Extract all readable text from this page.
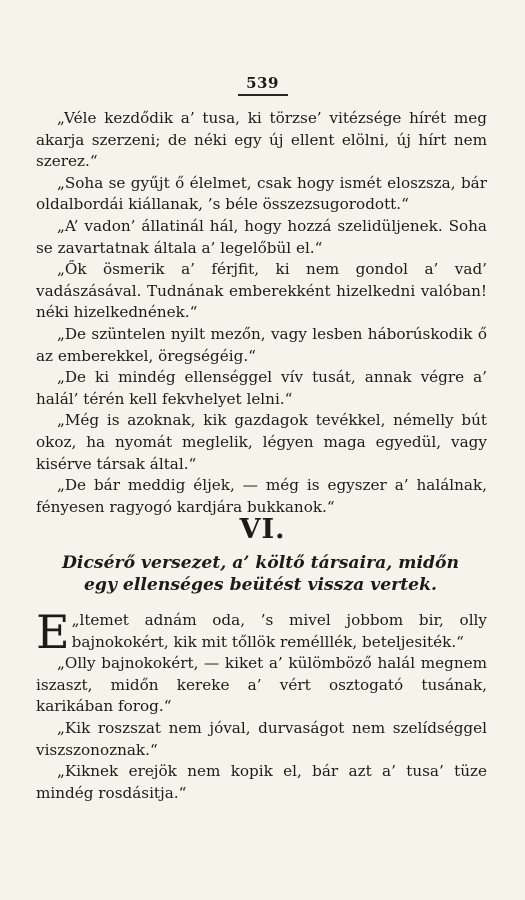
539

„Véle kezdődik a’ tusa, ki törzse’ vitézsége hírét meg akarja szerzeni; de néki egy új ellent elölni, új hírt nem szerez.“

„Soha se gyűjt ő élelmet, csak hogy ismét eloszsza, bár oldalbordái kiállanak, ’s béle összezsugorodott.“

„A’ vadon’ állatinál hál, hogy hozzá szelidüljenek. Soha se zavartatnak általa a’ legelőbül el.“

„Ők ösmerik a’ férjfit, ki nem gondol a’ vad’ vadászásával. Tudnának emberekként hizelkedni valóban! néki hizelkednének.“

„De szüntelen nyilt mezőn, vagy lesben háborúskodik ő az emberekkel, öregségéig.“

„De ki mindég ellenséggel vív tusát, annak végre a’ halál’ térén kell fekvhelyet lelni.“

„Még is azoknak, kik gazdagok tevékkel, némelly bút okoz, ha nyomát meglelik, légyen maga egyedül, vagy kisérve társak által.“

„De bár meddig éljek, — még is egyszer a’ halálnak, fényesen ragyogó kardjára bukkanok.“

VI.
Dicsérő versezet, a’ költő társaira, midőn
egy ellenséges beütést vissza vertek.

„
E ltemet adnám oda, ’s mivel jobbom bir, olly bajnokokért, kik mit tőllök remélllék, beteljesiték.“

„Olly bajnokokért, — kiket a’ külömböző halál megnem iszaszt, midőn kereke a’ vért osztogató tusának, karikában forog.“

„Kik roszszat nem jóval, durvaságot nem szelídséggel viszszonoznak.“

„Kiknek erejök nem kopik el, bár azt a’ tusa’ tüze mindég rosdásitja.“
